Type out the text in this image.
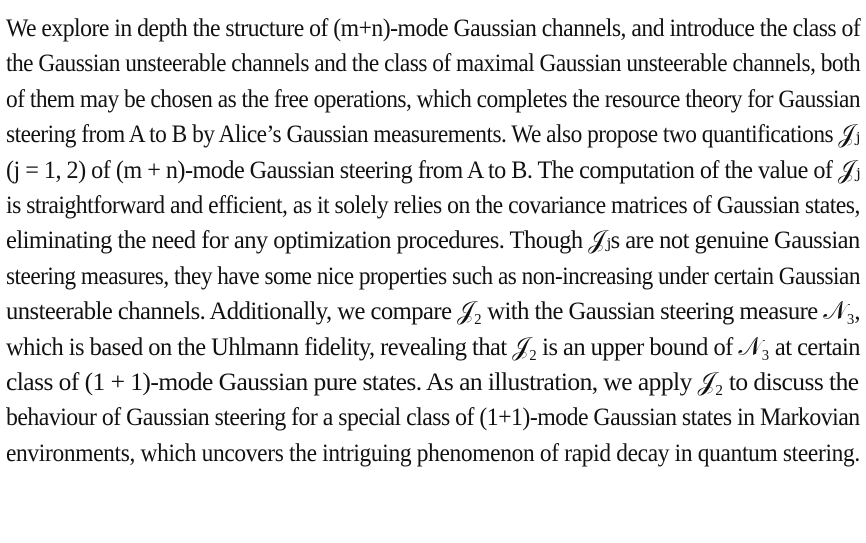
We explore in depth the structure of (m+n)-mode Gaussian channels, and introduce the class of
the Gaussian unsteerable channels and the class of maximal Gaussian unsteerable channels, both
of them may be chosen as the free operations, which completes the resource theory for Gaussian
steering from A to B by Alice’s Gaussian measurements. We also propose two quantifications 𝒥ⱼ
(j = 1, 2) of (m + n)-mode Gaussian steering from A to B. The computation of the value of 𝒥ⱼ
is straightforward and efficient, as it solely relies on the covariance matrices of Gaussian states,
eliminating the need for any optimization procedures. Though 𝒥ⱼs are not genuine Gaussian
steering measures, they have some nice properties such as non-increasing under certain Gaussian
unsteerable channels. Additionally, we compare 𝒥₂ with the Gaussian steering measure 𝒩₃,
which is based on the Uhlmann fidelity, revealing that 𝒥₂ is an upper bound of 𝒩₃ at certain
class of (1 + 1)-mode Gaussian pure states. As an illustration, we apply 𝒥₂ to discuss the
behaviour of Gaussian steering for a special class of (1+1)-mode Gaussian states in Markovian
environments, which uncovers the intriguing phenomenon of rapid decay in quantum steering.
